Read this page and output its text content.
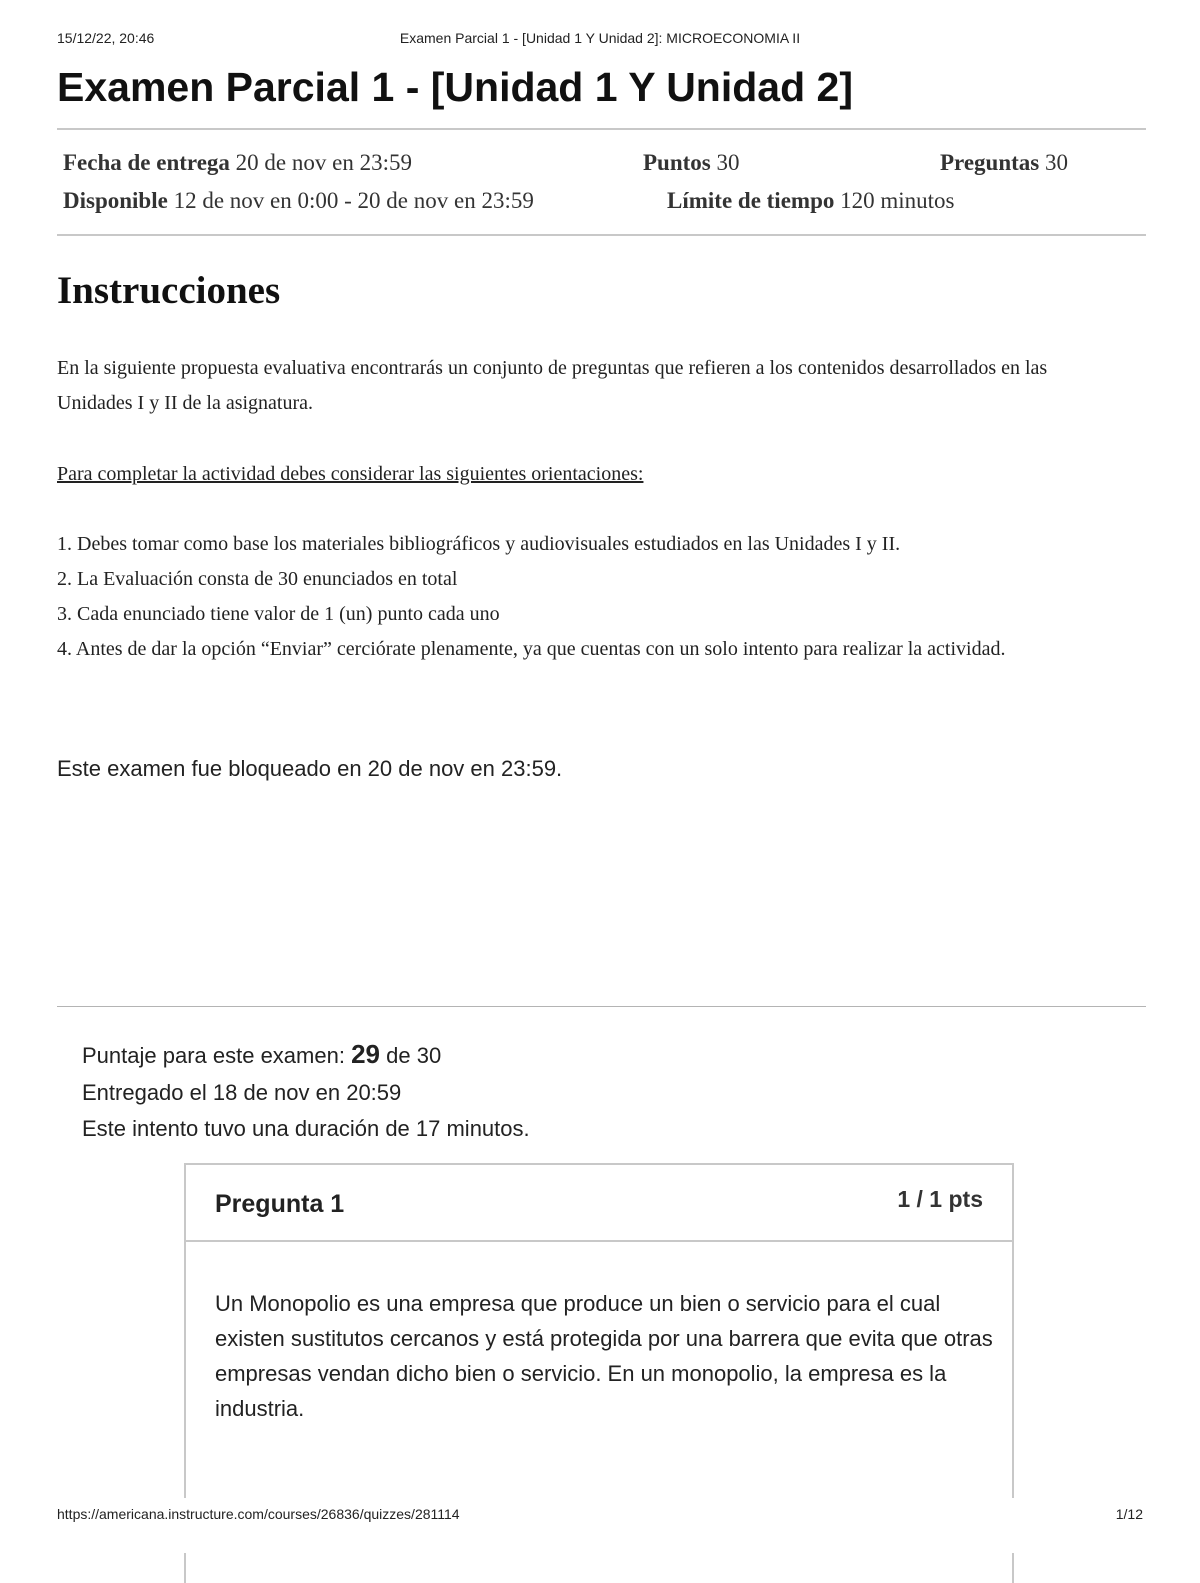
15/12/22, 20:46	Examen Parcial 1 - [Unidad 1 Y Unidad 2]: MICROECONOMIA II
Examen Parcial 1 - [Unidad 1 Y Unidad 2]
Fecha de entrega 20 de nov en 23:59	Puntos 30	Preguntas 30
Disponible 12 de nov en 0:00 - 20 de nov en 23:59	Límite de tiempo 120 minutos
Instrucciones
En la siguiente propuesta evaluativa encontrarás un conjunto de preguntas que refieren a los contenidos desarrollados en las Unidades I y II de la asignatura.
Para completar la actividad debes considerar las siguientes orientaciones:
1. Debes tomar como base los materiales bibliográficos y audiovisuales estudiados en las Unidades I y II.
2. La Evaluación consta de 30 enunciados en total
3. Cada enunciado tiene valor de 1 (un) punto cada uno
4. Antes de dar la opción “Enviar” cerciórate plenamente, ya que cuentas con un solo intento para realizar la actividad.
Este examen fue bloqueado en 20 de nov en 23:59.
Puntaje para este examen: 29 de 30
Entregado el 18 de nov en 20:59
Este intento tuvo una duración de 17 minutos.
Pregunta 1	1 / 1 pts
Un Monopolio es una empresa que produce un bien o servicio para el cual existen sustitutos cercanos y está protegida por una barrera que evita que otras empresas vendan dicho bien o servicio. En un monopolio, la empresa es la industria.
https://americana.instructure.com/courses/26836/quizzes/281114	1/12
